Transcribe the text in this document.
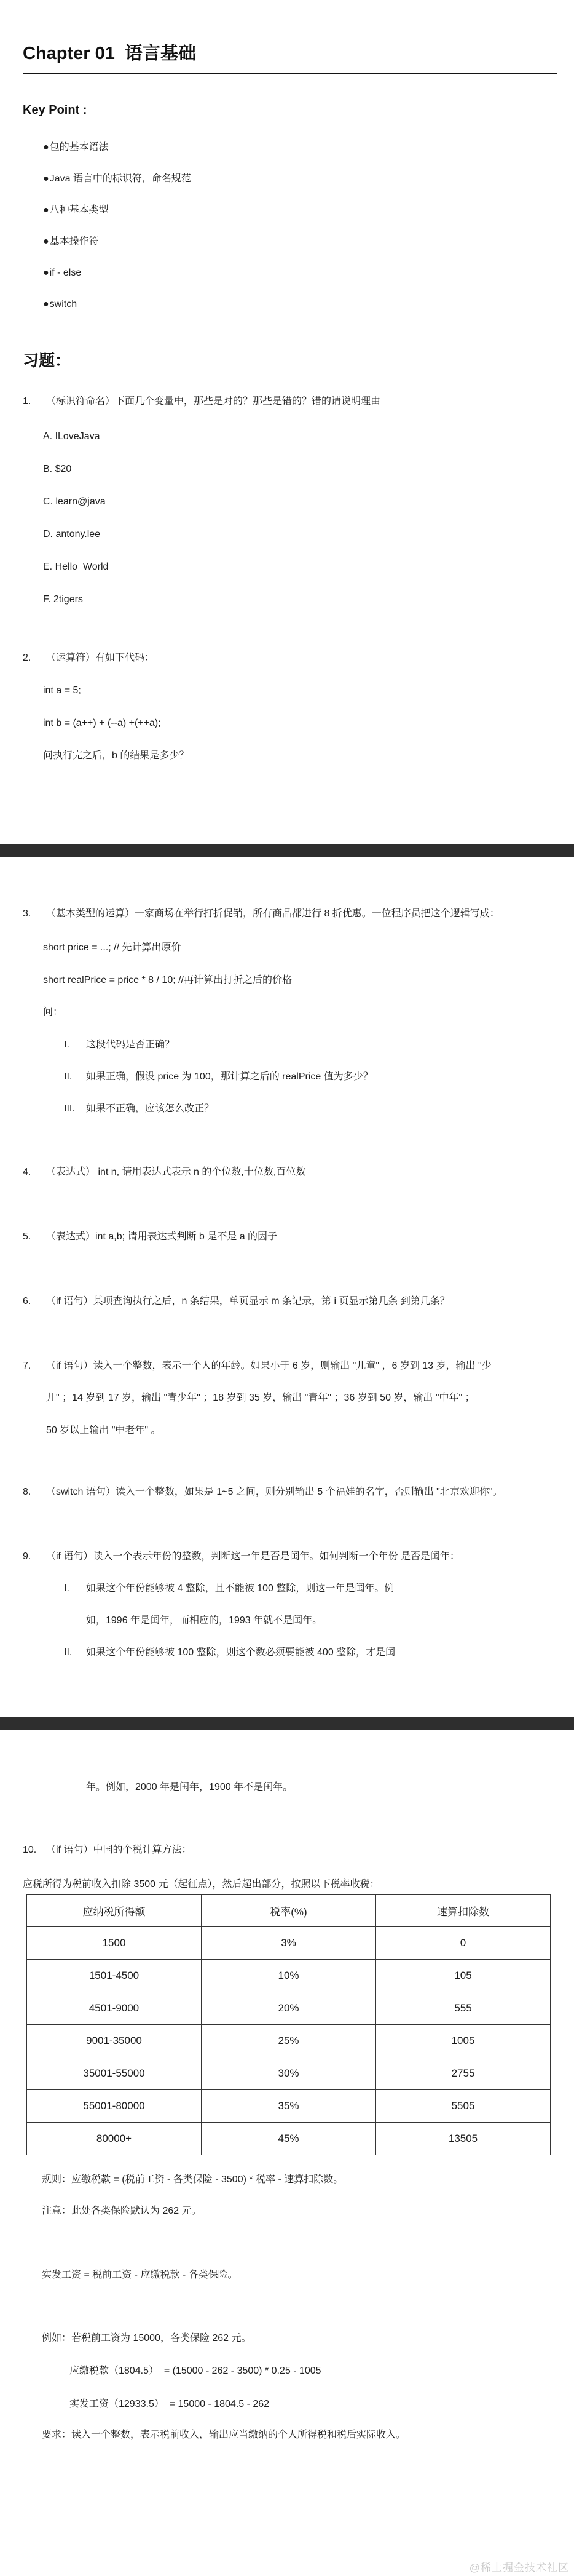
Chapter 01  语言基础
Key Point :
●包的基本语法
●Java 语言中的标识符，命名规范
●八种基本类型
●基本操作符
●if - else
●switch
习题：
1.	（标识符命名）下面几个变量中，那些是对的？那些是错的？错的请说明理由
A. ILoveJava
B. $20
C. learn@java
D. antony.lee
E. Hello_World
F. 2tigers
2.	（运算符）有如下代码：
int a = 5;
int b = (a++) + (--a) +(++a);
问执行完之后，b 的结果是多少？
3.	（基本类型的运算）一家商场在举行打折促销，所有商品都进行 8 折优惠。一位程序员把这个逻辑写成：
short price = ...; // 先计算出原价
short realPrice = price * 8 / 10; //再计算出打折之后的价格
问：
I.	这段代码是否正确？
II.	如果正确，假设 price 为 100，那计算之后的 realPrice 值为多少？
III.	如果不正确，应该怎么改正？
4.	（表达式） int n, 请用表达式表示 n 的个位数,十位数,百位数
5.	（表达式）int a,b; 请用表达式判断 b 是不是 a 的因子
6.	（if 语句）某项查询执行之后，n 条结果，单页显示 m 条记录，第 i 页显示第几条 到第几条？
7.	（if 语句）读入一个整数，表示一个人的年龄。如果小于 6 岁，则输出 "儿童" ，6 岁到 13 岁，输出 "少
儿" ；14 岁到 17 岁，输出 "青少年" ；18 岁到 35 岁，输出 "青年" ；36 岁到 50 岁，输出 "中年" ；
50 岁以上输出 "中老年" 。
8.	（switch 语句）读入一个整数，如果是 1~5 之间，则分别输出 5 个福娃的名字，否则输出 "北京欢迎你"。
9.	（if 语句）读入一个表示年份的整数，判断这一年是否是闰年。如何判断一个年份 是否是闰年：
I.	如果这个年份能够被 4 整除，且不能被 100 整除，则这一年是闰年。例
如，1996 年是闰年，而相应的，1993 年就不是闰年。
II.	如果这个年份能够被 100 整除，则这个数必须要能被 400 整除，才是闰
年。例如，2000 年是闰年，1900 年不是闰年。
10. （if 语句）中国的个税计算方法：
应税所得为税前收入扣除 3500 元（起征点），然后超出部分，按照以下税率收税：
应纳税所得额	税率(%)	速算扣除数
1500	3%	0
1501-4500	10%	105
4501-9000	20%	555
9001-35000	25%	1005
35001-55000	30%	2755
55001-80000	35%	5505
80000+	45%	13505
规则：应缴税款 = (税前工资 - 各类保险 - 3500) * 税率 - 速算扣除数。
注意：此处各类保险默认为 262 元。
实发工资 = 税前工资 - 应缴税款 - 各类保险。
例如：若税前工资为 15000，各类保险 262 元。
应缴税款（1804.5）  = (15000 - 262 - 3500) * 0.25 - 1005
实发工资（12933.5）  = 15000 - 1804.5 - 262
要求：读入一个整数，表示税前收入，输出应当缴纳的个人所得税和税后实际收入。
@稀土掘金技术社区
